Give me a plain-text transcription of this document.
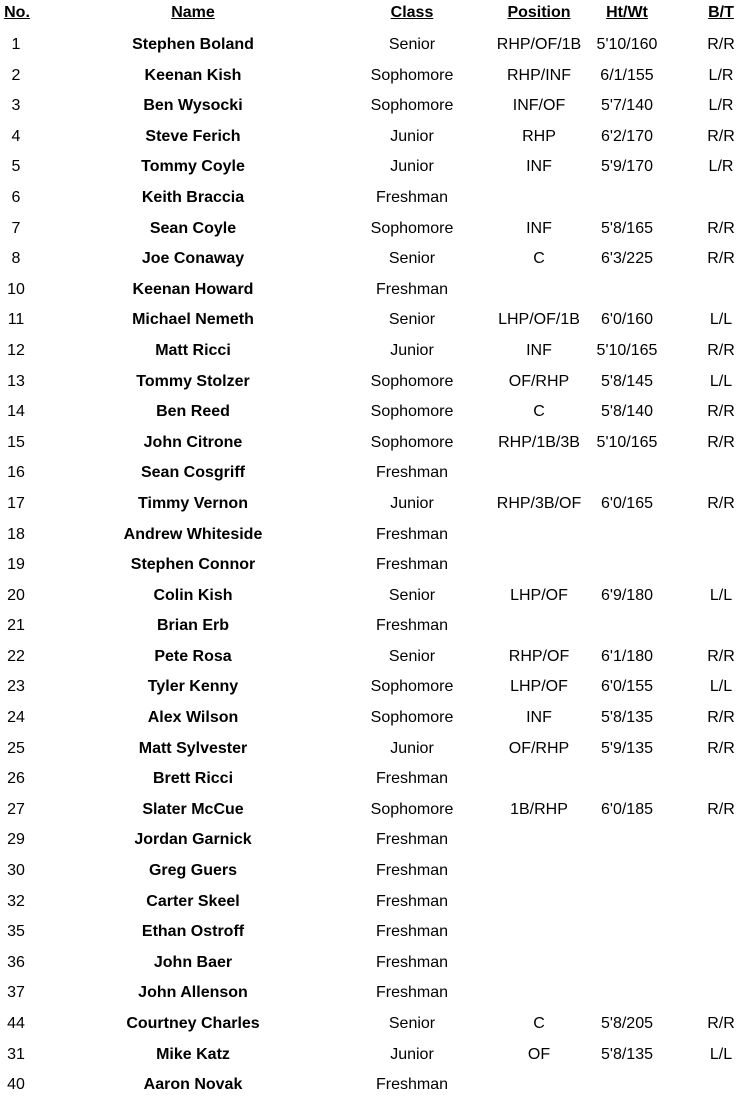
No.	Name	Class	Position	Ht/Wt	B/T
1	Stephen Boland	Senior	RHP/OF/1B 5'10/160	R/R
2	Keenan Kish	Sophomore	RHP/INF	6/1/155	L/R
3	Ben Wysocki	Sophomore	INF/OF	5'7/140	L/R
4	Steve Ferich	Junior	RHP	6'2/170	R/R
5	Tommy Coyle	Junior	INF	5'9/170	L/R
6	Keith Braccia	Freshman
7	Sean Coyle	Sophomore	INF	5'8/165	R/R
8	Joe Conaway	Senior	C	6'3/225	R/R
10	Keenan Howard	Freshman
11	Michael Nemeth	Senior	LHP/OF/1B	6'0/160	L/L
12	Matt Ricci	Junior	INF	5'10/165	R/R
13	Tommy Stolzer	Sophomore	OF/RHP	5'8/145	L/L
14	Ben Reed	Sophomore	C	5'8/140	R/R
15	John Citrone	Sophomore	RHP/1B/3B	5'10/165	R/R
16	Sean Cosgriff	Freshman
17	Timmy Vernon	Junior	RHP/3B/OF	6'0/165	R/R
18	Andrew Whiteside	Freshman
19	Stephen Connor	Freshman
20	Colin Kish	Senior	LHP/OF	6'9/180	L/L
21	Brian Erb	Freshman
22	Pete Rosa	Senior	RHP/OF	6'1/180	R/R
23	Tyler Kenny	Sophomore	LHP/OF	6'0/155	L/L
24	Alex Wilson	Sophomore	INF	5'8/135	R/R
25	Matt Sylvester	Junior	OF/RHP	5'9/135	R/R
26	Brett Ricci	Freshman
27	Slater McCue	Sophomore	1B/RHP	6'0/185	R/R
29	Jordan Garnick	Freshman
30	Greg Guers	Freshman
32	Carter Skeel	Freshman
35	Ethan Ostroff	Freshman
36	John Baer	Freshman
37	John Allenson	Freshman
44	Courtney Charles	Senior	C	5'8/205	R/R
31	Mike Katz	Junior	OF	5'8/135	L/L
40	Aaron Novak	Freshman
